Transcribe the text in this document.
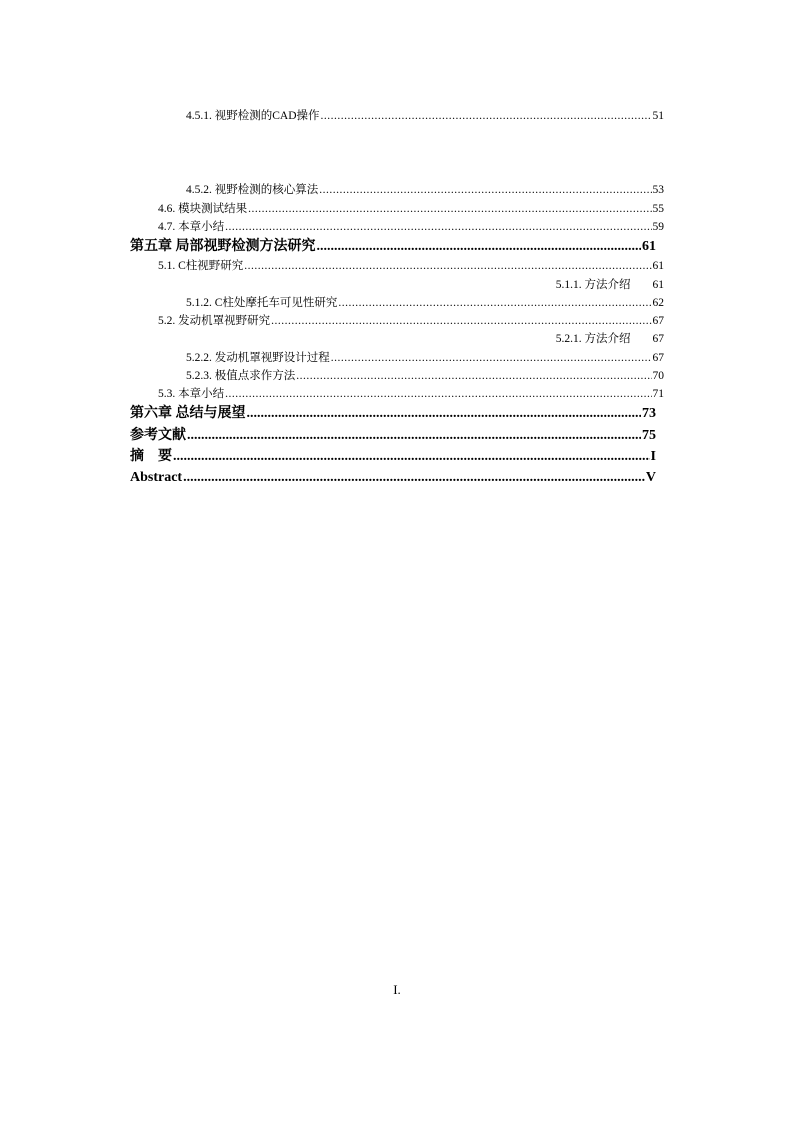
4.5.1. 视野检测的CAD操作 .....	51
4.5.2. 视野检测的核心算法 .....	53
4.6. 模块测试结果 .....	55
4.7. 本章小结 .....	59
第五章 局部视野检测方法研究 .....	61
5.1. C柱视野研究 .....	61
5.1.1. 方法介绍 61
5.1.2. C柱处摩托车可见性研究 .....	62
5.2. 发动机罩视野研究 .....	67
5.2.1. 方法介绍 67
5.2.2. 发动机罩视野设计过程 .....	67
5.2.3. 极值点求作方法 .....	70
5.3. 本章小结 .....	71
第六章 总结与展望 .....	73
参考文献 .....	75
摘    要 .....	I
Abstract .....	V
I.
